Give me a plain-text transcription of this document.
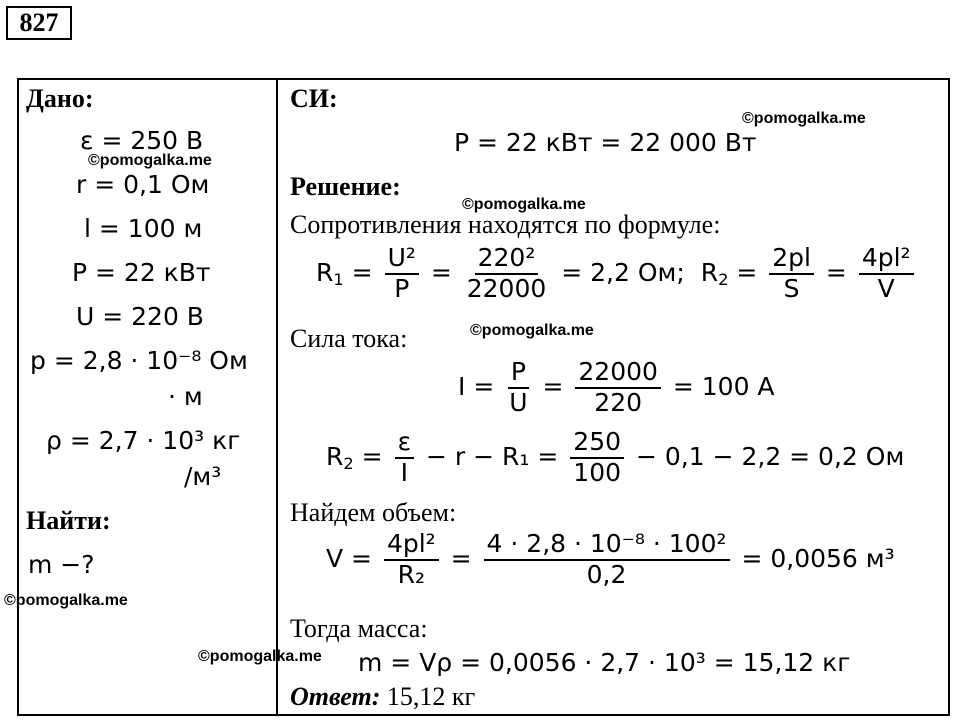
827
Дано:
ε = 250 В
r = 0,1 Ом
l = 100 м
P = 22 кВт
U = 220 В
p = 2,8 · 10⁻⁸ Ом
· м
ρ = 2,7 · 10³ кг
/м³
Найти:
m −?
СИ:
P = 22 кВт = 22 000 Вт
Решение:
Сопротивления находятся по формуле:
$R_1 = \frac{\text{U²}}{P} = \frac{\text{220²}}{22000} = 2,2$ Ом; $R_2 = \frac{2pl}{S} = \frac{\text{4pl²}}{V}$
Сила тока:
$I = \frac{P}{U} = \frac{22000}{220} = 100$ А
$R_2 = \frac{\varepsilon}{I} - r - R_1 = \frac{250}{100} - 0,1 - 2,2 = 0,2$ Ом
Найдем объем:
$V = \frac{\text{4pl²}}{\text{R₂}} = \frac{\text{4 · 2,8 · 10⁻⁸ · 100²}}{0,2} = 0,0056$ м³
Тогда масса:
m = Vρ = 0,0056 · 2,7 · 10³ = 15,12 кг
Ответ: 15,12 кг
©pomogalka.me
©pomogalka.me
©pomogalka.me
©pomogalka.me
©pomogalka.me
©pomogalka.me
